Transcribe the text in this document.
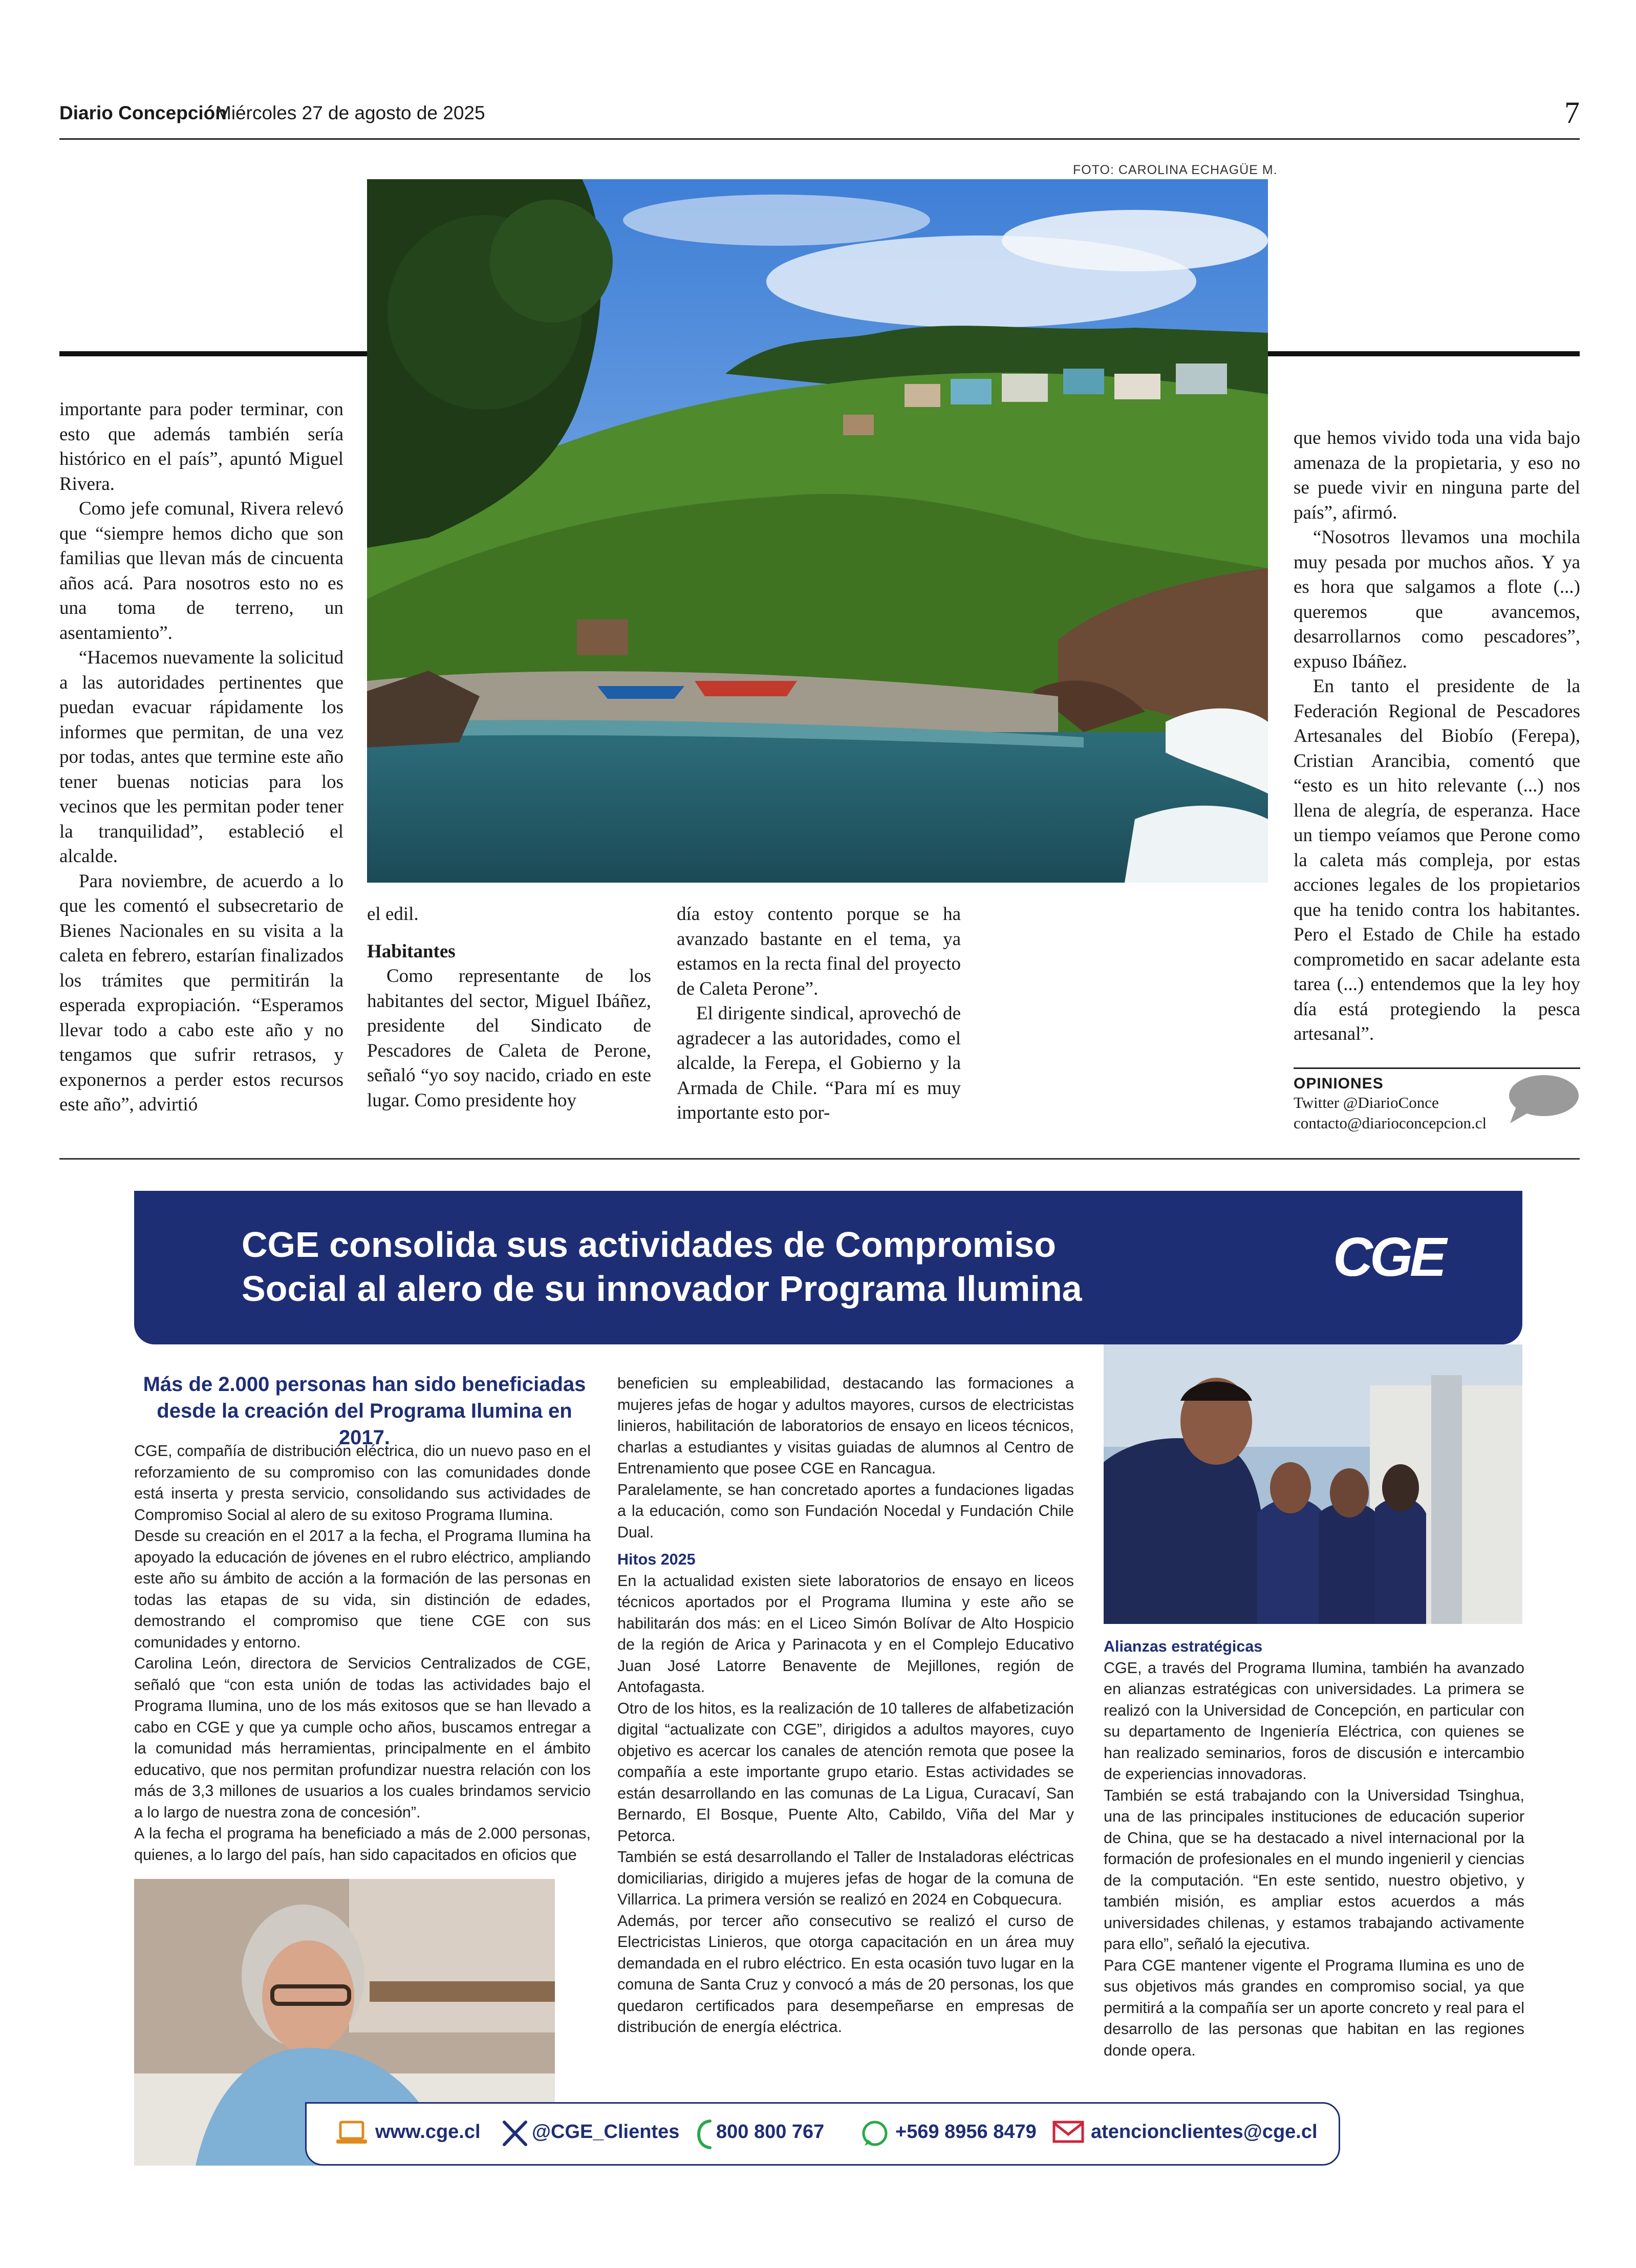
Diario Concepción
Miércoles 27 de agosto de 2025	7
FOTO: CAROLINA ECHAGÜE M.

importante para poder terminar, con esto que además también sería histórico en el país”, apuntó Miguel Rivera.

Como jefe comunal, Rivera relevó que “siempre hemos dicho que son familias que llevan más de cincuenta años acá. Para nosotros esto no es una toma de terreno, un asentamiento”.

“Hacemos nuevamente la solicitud a las autoridades pertinentes que puedan evacuar rápidamente los informes que permitan, de una vez por todas, antes que termine este año tener buenas noticias para los vecinos que les permitan poder tener la tranquilidad”, estableció el alcalde.

Para noviembre, de acuerdo a lo que les comentó el subsecretario de Bienes Nacionales en su visita a la caleta en febrero, estarían finalizados los trámites que permitirán la esperada expropiación. “Esperamos llevar todo a cabo este año y no tengamos que sufrir retrasos, y exponernos a perder estos recursos este año”, advirtió

el edil.

Habitantes

Como representante de los habitantes del sector, Miguel Ibáñez, presidente del Sindicato de Pescadores de Caleta de Perone, señaló “yo soy nacido, criado en este lugar. Como presidente hoy

día estoy contento porque se ha avanzado bastante en el tema, ya estamos en la recta final del proyecto de Caleta Perone”.

El dirigente sindical, aprovechó de agradecer a las autoridades, como el alcalde, la Ferepa, el Gobierno y la Armada de Chile. “Para mí es muy importante esto por-

que hemos vivido toda una vida bajo amenaza de la propietaria, y eso no se puede vivir en ninguna parte del país”, afirmó.

“Nosotros llevamos una mochila muy pesada por muchos años. Y ya es hora que salgamos a flote (...) queremos que avancemos, desarrollarnos como pescadores”, expuso Ibáñez.

En tanto el presidente de la Federación Regional de Pescadores Artesanales del Biobío (Ferepa), Cristian Arancibia, comentó que “esto es un hito relevante (...) nos llena de alegría, de esperanza. Hace un tiempo veíamos que Perone como la caleta más compleja, por estas acciones legales de los propietarios que ha tenido contra los habitantes. Pero el Estado de Chile ha estado comprometido en sacar adelante esta tarea (...) entendemos que la ley hoy día está protegiendo la pesca artesanal”.

OPINIONES
Twitter @DiarioConce
contacto@diarioconcepcion.cl
CGE consolida sus actividades de Compromiso
Social al alero de su innovador Programa Ilumina
CGE
Más de 2.000 personas han sido beneficiadas desde la creación del Programa Ilumina en 2017.

CGE, compañía de distribución eléctrica, dio un nuevo paso en el reforzamiento de su compromiso con las comunidades donde está inserta y presta servicio, consolidando sus actividades de Compromiso Social al alero de su exitoso Programa Ilumina.

Desde su creación en el 2017 a la fecha, el Programa Ilumina ha apoyado la educación de jóvenes en el rubro eléctrico, ampliando este año su ámbito de acción a la formación de las personas en todas las etapas de su vida, sin distinción de edades, demostrando el compromiso que tiene CGE con sus comunidades y entorno.

Carolina León, directora de Servicios Centralizados de CGE, señaló que “con esta unión de todas las actividades bajo el Programa Ilumina, uno de los más exitosos que se han llevado a cabo en CGE y que ya cumple ocho años, buscamos entregar a la comunidad más herramientas, principalmente en el ámbito educativo, que nos permitan profundizar nuestra relación con los más de 3,3 millones de usuarios a los cuales brindamos servicio a lo largo de nuestra zona de concesión”.

A la fecha el programa ha beneficiado a más de 2.000 personas, quienes, a lo largo del país, han sido capacitados en oficios que

beneficien su empleabilidad, destacando las formaciones a mujeres jefas de hogar y adultos mayores, cursos de electricistas linieros, habilitación de laboratorios de ensayo en liceos técnicos, charlas a estudiantes y visitas guiadas de alumnos al Centro de Entrenamiento que posee CGE en Rancagua.

Paralelamente, se han concretado aportes a fundaciones ligadas a la educación, como son Fundación Nocedal y Fundación Chile Dual.

Hitos 2025

En la actualidad existen siete laboratorios de ensayo en liceos técnicos aportados por el Programa Ilumina y este año se habilitarán dos más: en el Liceo Simón Bolívar de Alto Hospicio de la región de Arica y Parinacota y en el Complejo Educativo Juan José Latorre Benavente de Mejillones, región de Antofagasta.

Otro de los hitos, es la realización de 10 talleres de alfabetización digital “actualizate con CGE”, dirigidos a adultos mayores, cuyo objetivo es acercar los canales de atención remota que posee la compañía a este importante grupo etario. Estas actividades se están desarrollando en las comunas de La Ligua, Curacaví, San Bernardo, El Bosque, Puente Alto, Cabildo, Viña del Mar y Petorca.

También se está desarrollando el Taller de Instaladoras eléctricas domiciliarias, dirigido a mujeres jefas de hogar de la comuna de Villarrica. La primera versión se realizó en 2024 en Cobquecura.

Además, por tercer año consecutivo se realizó el curso de Electricistas Linieros, que otorga capacitación en un área muy demandada en el rubro eléctrico. En esta ocasión tuvo lugar en la comuna de Santa Cruz y convocó a más de 20 personas, los que quedaron certificados para desempeñarse en empresas de distribución de energía eléctrica.

Alianzas estratégicas

CGE, a través del Programa Ilumina, también ha avanzado en alianzas estratégicas con universidades. La primera se realizó con la Universidad de Concepción, en particular con su departamento de Ingeniería Eléctrica, con quienes se han realizado seminarios, foros de discusión e intercambio de experiencias innovadoras.

También se está trabajando con la Universidad Tsinghua, una de las principales instituciones de educación superior de China, que se ha destacado a nivel internacional por la formación de profesionales en el mundo ingenieril y ciencias de la computación. “En este sentido, nuestro objetivo, y también misión, es ampliar estos acuerdos a más universidades chilenas, y estamos trabajando activamente para ello”, señaló la ejecutiva.

Para CGE mantener vigente el Programa Ilumina es uno de sus objetivos más grandes en compromiso social, ya que permitirá a la compañía ser un aporte concreto y real para el desarrollo de las personas que habitan en las regiones donde opera.

www.cge.cl	@CGE_Clientes 800 800 767	+569 8956 8479	atencionclientes@cge.cl
